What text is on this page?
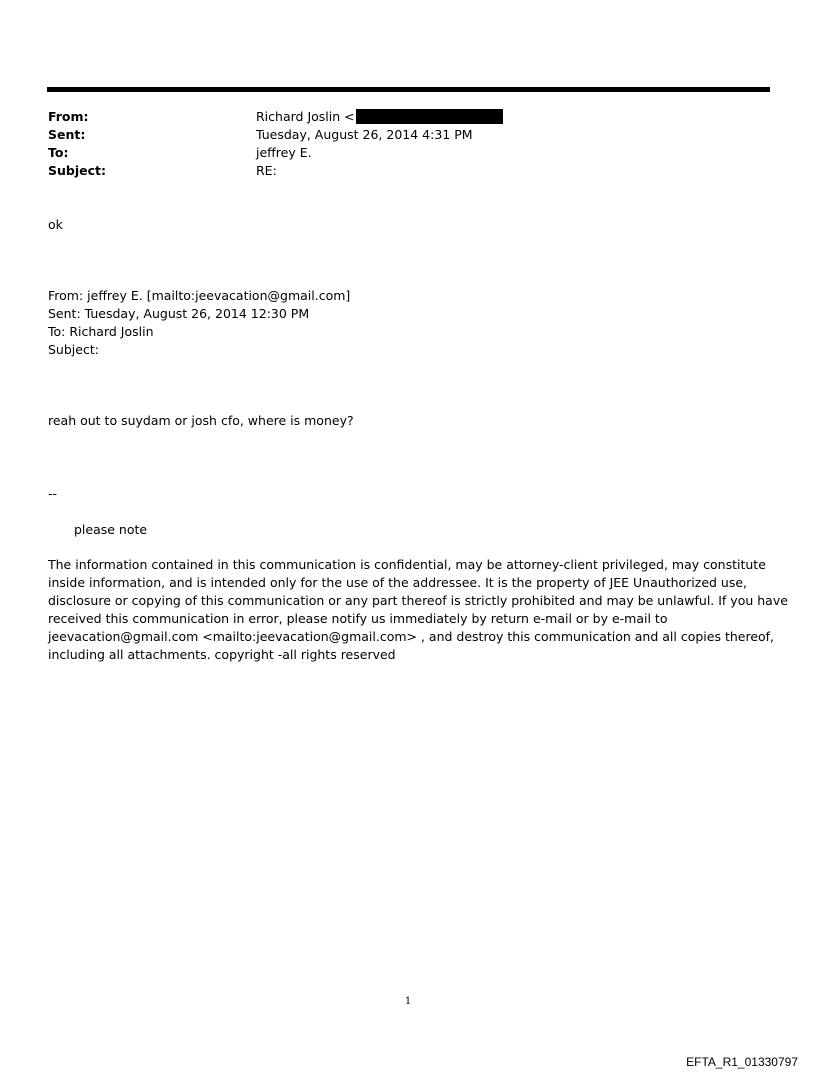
From:	Richard Joslin <
Sent:	Tuesday, August 26, 2014 4:31 PM
To:	jeffrey E.
Subject:	RE:
ok
From: jeffrey E. [mailto:jeevacation@gmail.com]
Sent: Tuesday, August 26, 2014 12:30 PM
To: Richard Joslin
Subject:
reah out to suydam or josh cfo, where is money?
--
please note
The information contained in this communication is confidential, may be attorney-client privileged, may constitute
inside information, and is intended only for the use of the addressee. It is the property of JEE Unauthorized use,
disclosure or copying of this communication or any part thereof is strictly prohibited and may be unlawful. If you have
received this communication in error, please notify us immediately by return e-mail or by e-mail to
jeevacation@gmail.com <mailto:jeevacation@gmail.com> , and destroy this communication and all copies thereof,
including all attachments. copyright -all rights reserved
1
EFTA_R1_01330797
